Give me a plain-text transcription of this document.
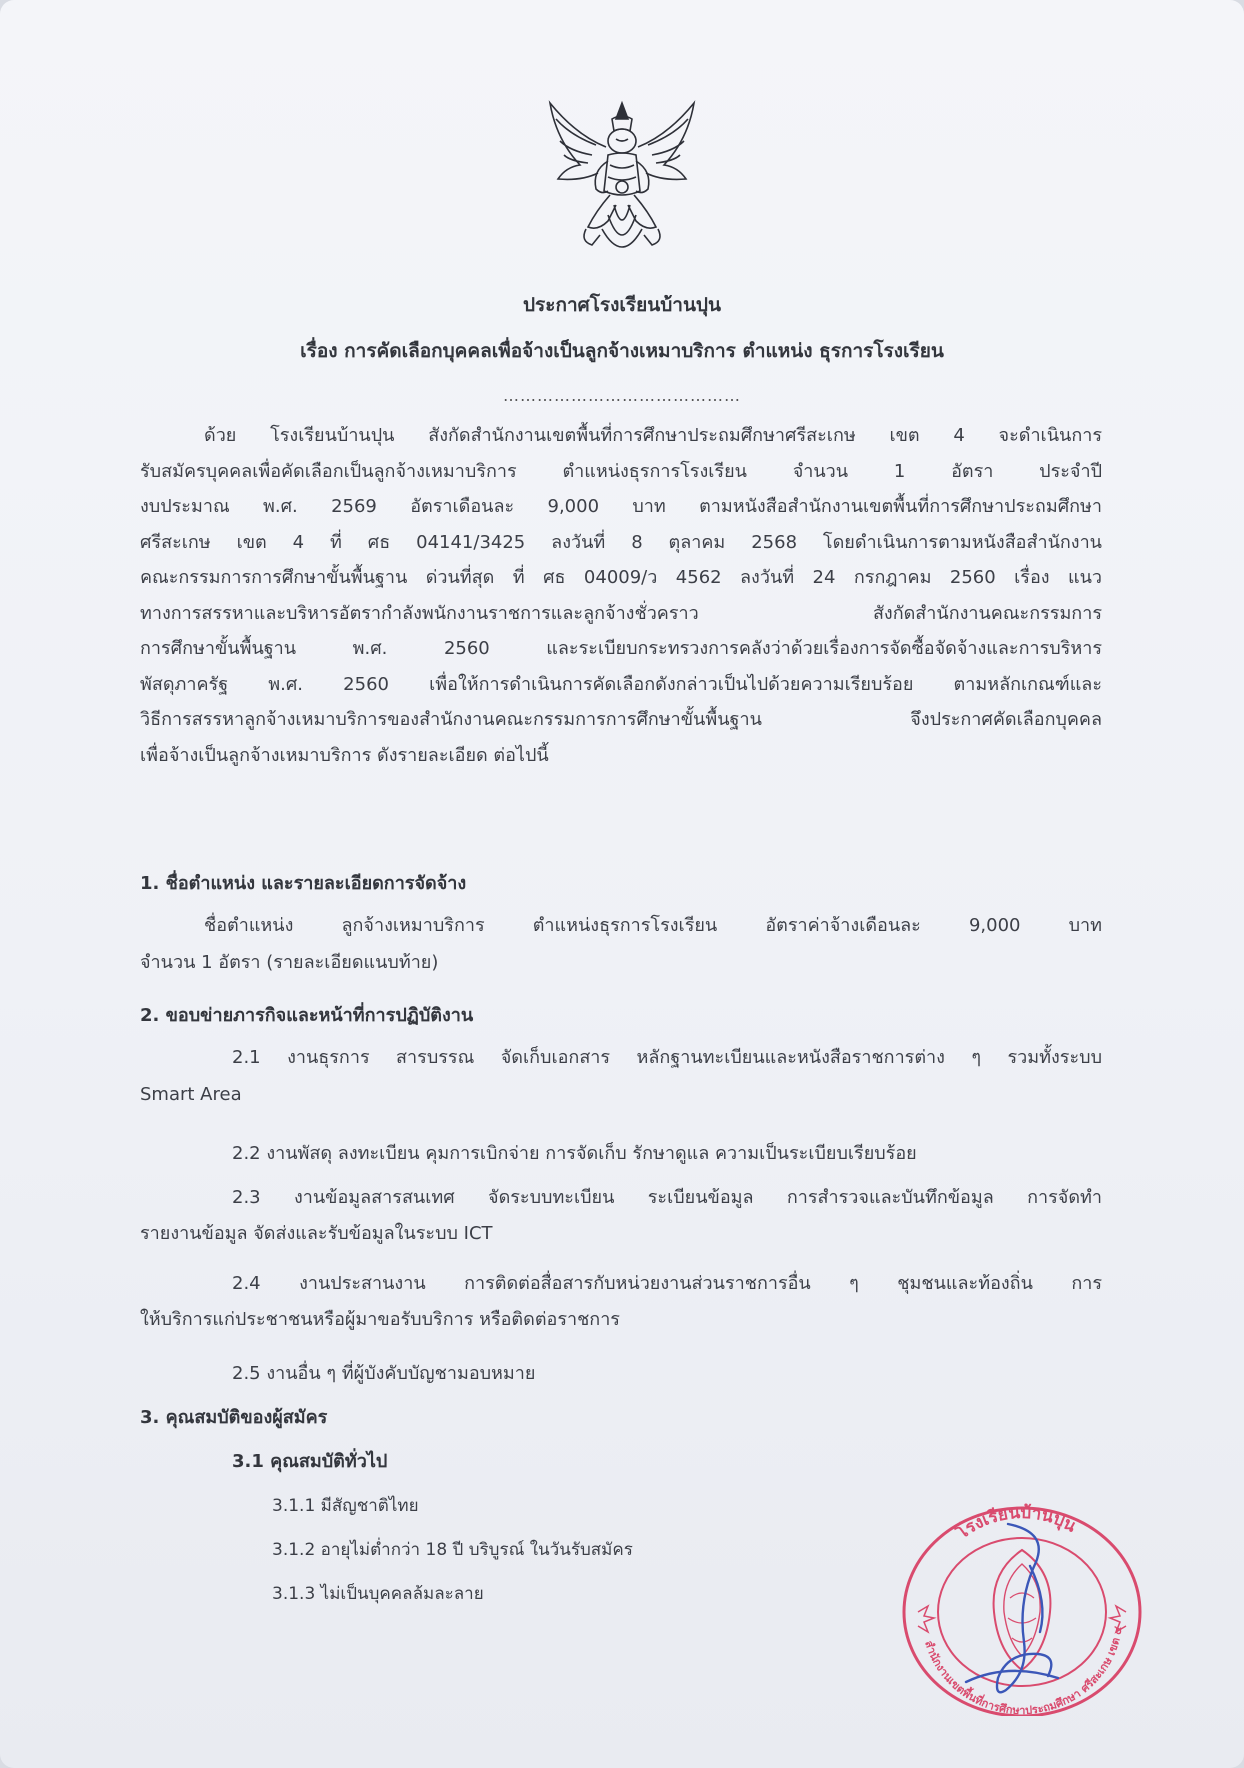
ประกาศโรงเรียนบ้านปุน
เรื่อง การคัดเลือกบุคคลเพื่อจ้างเป็นลูกจ้างเหมาบริการ ตำแหน่ง ธุรการโรงเรียน
……………………………………

ด้วย โรงเรียนบ้านปุน สังกัดสำนักงานเขตพื้นที่การศึกษาประถมศึกษาศรีสะเกษ เขต 4 จะดำเนินการ

รับสมัครบุคคลเพื่อคัดเลือกเป็นลูกจ้างเหมาบริการ ตำแหน่งธุรการโรงเรียน จำนวน 1 อัตรา ประจำปี

งบประมาณ พ.ศ. 2569 อัตราเดือนละ 9,000 บาท ตามหนังสือสำนักงานเขตพื้นที่การศึกษาประถมศึกษา

ศรีสะเกษ เขต 4 ที่ ศธ 04141/3425 ลงวันที่ 8 ตุลาคม 2568 โดยดำเนินการตามหนังสือสำนักงาน

คณะกรรมการการศึกษาขั้นพื้นฐาน ด่วนที่สุด ที่ ศธ 04009/ว 4562 ลงวันที่ 24 กรกฎาคม 2560 เรื่อง แนว

ทางการสรรหาและบริหารอัตรากำลังพนักงานราชการและลูกจ้างชั่วคราว สังกัดสำนักงานคณะกรรมการ

การศึกษาขั้นพื้นฐาน พ.ศ. 2560 และระเบียบกระทรวงการคลังว่าด้วยเรื่องการจัดซื้อจัดจ้างและการบริหาร

พัสดุภาครัฐ พ.ศ. 2560 เพื่อให้การดำเนินการคัดเลือกดังกล่าวเป็นไปด้วยความเรียบร้อย ตามหลักเกณฑ์และ

วิธีการสรรหาลูกจ้างเหมาบริการของสำนักงานคณะกรรมการการศึกษาขั้นพื้นฐาน จึงประกาศคัดเลือกบุคคล

เพื่อจ้างเป็นลูกจ้างเหมาบริการ ดังรายละเอียด ต่อไปนี้

1. ชื่อตำแหน่ง และรายละเอียดการจัดจ้าง

ชื่อตำแหน่ง ลูกจ้างเหมาบริการ ตำแหน่งธุรการโรงเรียน อัตราค่าจ้างเดือนละ 9,000 บาท

จำนวน 1 อัตรา (รายละเอียดแนบท้าย)

2. ขอบข่ายภารกิจและหน้าที่การปฏิบัติงาน

2.1 งานธุรการ สารบรรณ จัดเก็บเอกสาร หลักฐานทะเบียนและหนังสือราชการต่าง ๆ รวมทั้งระบบ

Smart Area

2.2 งานพัสดุ ลงทะเบียน คุมการเบิกจ่าย การจัดเก็บ รักษาดูแล ความเป็นระเบียบเรียบร้อย

2.3 งานข้อมูลสารสนเทศ จัดระบบทะเบียน ระเบียนข้อมูล การสำรวจและบันทึกข้อมูล การจัดทำ

รายงานข้อมูล จัดส่งและรับข้อมูลในระบบ ICT

2.4 งานประสานงาน การติดต่อสื่อสารกับหน่วยงานส่วนราชการอื่น ๆ ชุมชนและท้องถิ่น การ

ให้บริการแก่ประชาชนหรือผู้มาขอรับบริการ หรือติดต่อราชการ

2.5 งานอื่น ๆ ที่ผู้บังคับบัญชามอบหมาย
3. คุณสมบัติของผู้สมัคร
3.1 คุณสมบัติทั่วไป
3.1.1 มีสัญชาติไทย
3.1.2 อายุไม่ต่ำกว่า 18 ปี บริบูรณ์ ในวันรับสมัคร
3.1.3 ไม่เป็นบุคคลล้มละลาย
โรงเรียนบ้านปุน
สำนักงานเขตพื้นที่การศึกษาประถมศึกษา ศรีสะเกษ เขต ๔
